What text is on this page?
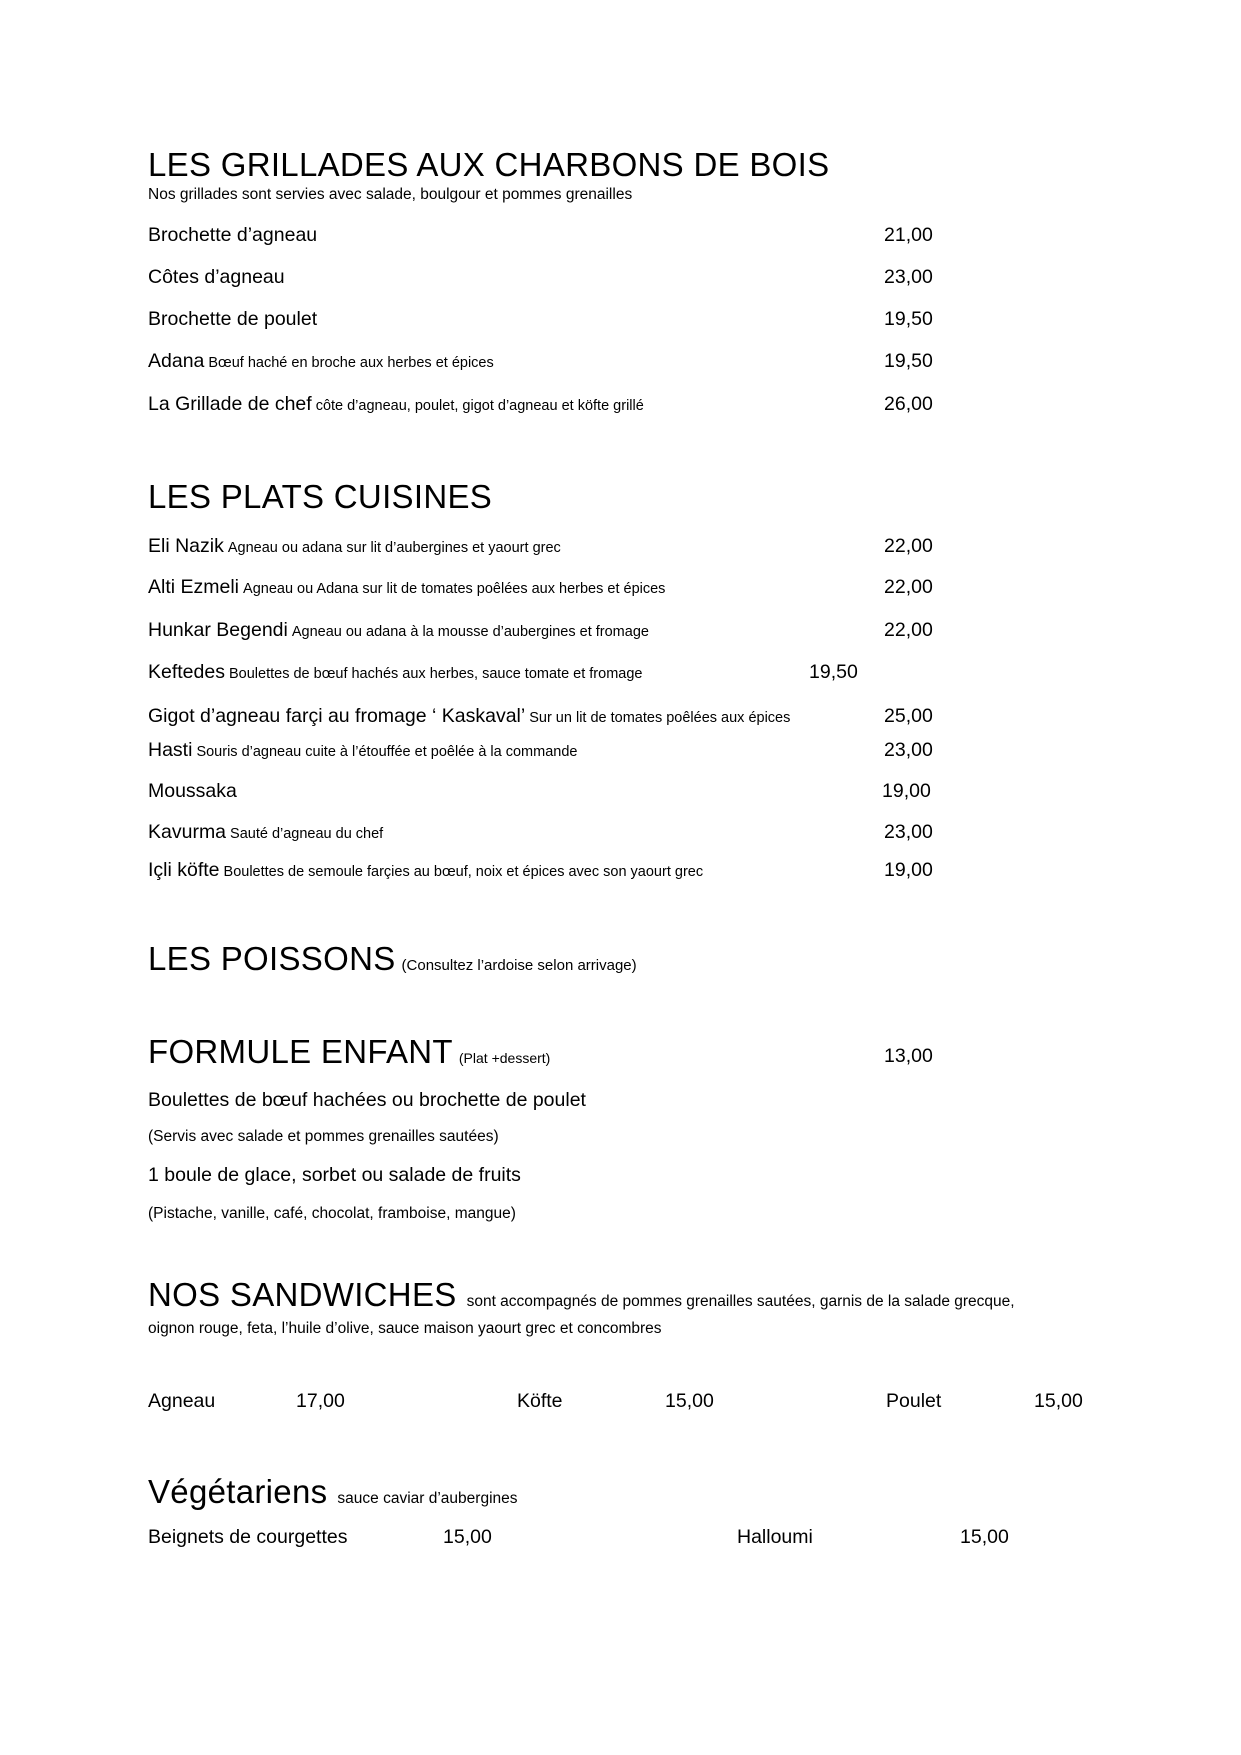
LES GRILLADES AUX CHARBONS DE BOIS
Nos grillades sont servies avec salade, boulgour et pommes grenailles
Brochette d’agneau	21,00
Côtes d’agneau	23,00
Brochette de poulet	19,50
Adana Bœuf haché en broche aux herbes et épices	19,50
La Grillade de chef côte d’agneau, poulet, gigot d’agneau et köfte grillé	26,00
LES PLATS CUISINES
Eli Nazik Agneau ou adana sur lit d’aubergines et yaourt grec	22,00
Alti Ezmeli Agneau ou Adana sur lit de tomates poêlées aux herbes et épices	22,00
Hunkar Begendi Agneau ou adana à la mousse d’aubergines et fromage	22,00
Keftedes Boulettes de bœuf hachés aux herbes, sauce tomate et fromage	19,50
Gigot d’agneau farçi au fromage ‘ Kaskaval’ Sur un lit de tomates poêlées aux épices	25,00
Hasti Souris d’agneau cuite à l’étouffée et poêlée à la commande	23,00
Moussaka	19,00
Kavurma Sauté d’agneau du chef	23,00
Içli köfte Boulettes de semoule farçies au bœuf, noix et épices avec son yaourt grec	19,00
LES POISSONS (Consultez l’ardoise selon arrivage)
FORMULE ENFANT (Plat +dessert)	13,00
Boulettes de bœuf hachées ou brochette de poulet
(Servis avec salade et pommes grenailles sautées)
1 boule de glace, sorbet ou salade de fruits
(Pistache, vanille, café, chocolat, framboise, mangue)
NOS SANDWICHES sont accompagnés de pommes grenailles sautées, garnis de la salade grecque,
oignon rouge, feta, l’huile d’olive, sauce maison yaourt grec et concombres
Agneau	17,00	Köfte	15,00	Poulet	15,00
Végétariens sauce caviar d’aubergines
Beignets de courgettes	15,00	Halloumi	15,00
